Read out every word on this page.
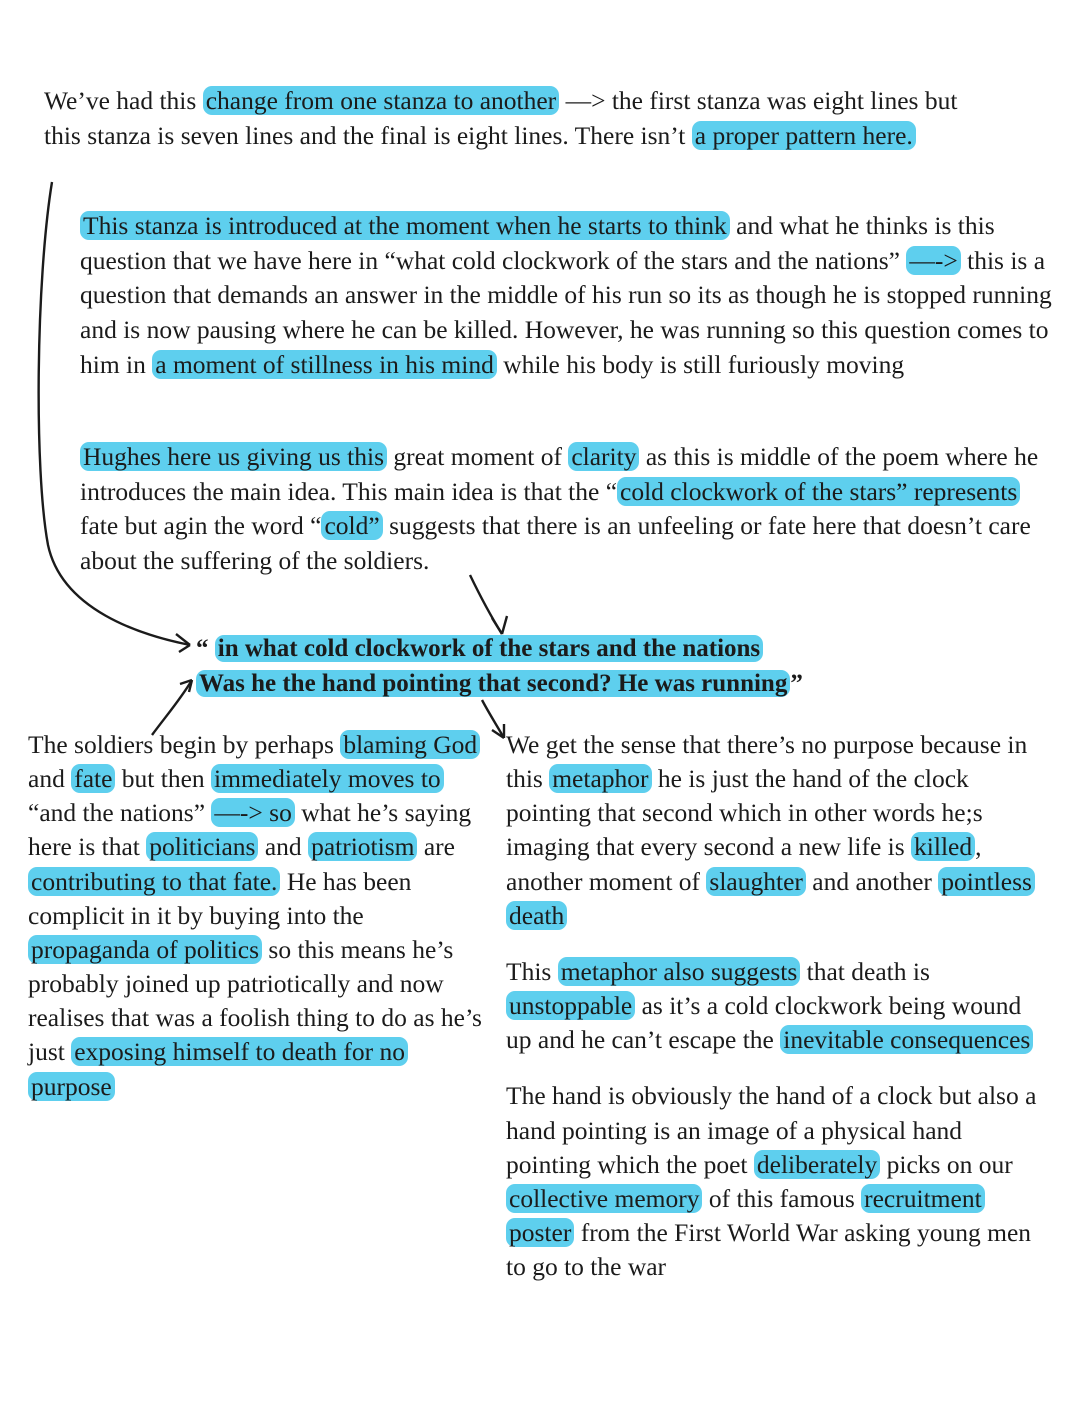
We’ve had this change from one stanza to another —> the first stanza was eight lines but this stanza is seven lines and the final is eight lines. There isn’t a proper pattern here.
This stanza is introduced at the moment when he starts to think and what he thinks is this question that we have here in “what cold clockwork of the stars and the nations” —-> this is a question that demands an answer in the middle of his run so its as though he is stopped running and is now pausing where he can be killed. However, he was running so this question comes to him in a moment of stillness in his mind while his body is still furiously moving
Hughes here us giving us this great moment of clarity as this is middle of the poem where he introduces the main idea. This main idea is that the “ cold clockwork of the stars” represents fate but agin the word “ cold” suggests that there is an unfeeling or fate here that doesn’t care about the suffering of the soldiers.
“ in what cold clockwork of the stars and the nations
Was he the hand pointing that second? He was running ”

The soldiers begin by perhaps blaming God and fate but then immediately moves to “and the nations” —-> so what he’s saying here is that politicians and patriotism are contributing to that fate. He has been complicit in it by buying into the propaganda of politics so this means he’s probably joined up patriotically and now realises that was a foolish thing to do as he’s just exposing himself to death for no purpose

We get the sense that there’s no purpose because in this metaphor he is just the hand of the clock pointing that second which in other words he;s imaging that every second a new life is killed , another moment of slaughter and another pointless death

This metaphor also suggests that death is unstoppable as it’s a cold clockwork being wound up and he can’t escape the inevitable consequences

The hand is obviously the hand of a clock but also a hand pointing is an image of a physical hand pointing which the poet deliberately picks on our collective memory of this famous recruitment poster from the First World War asking young men to go to the war
